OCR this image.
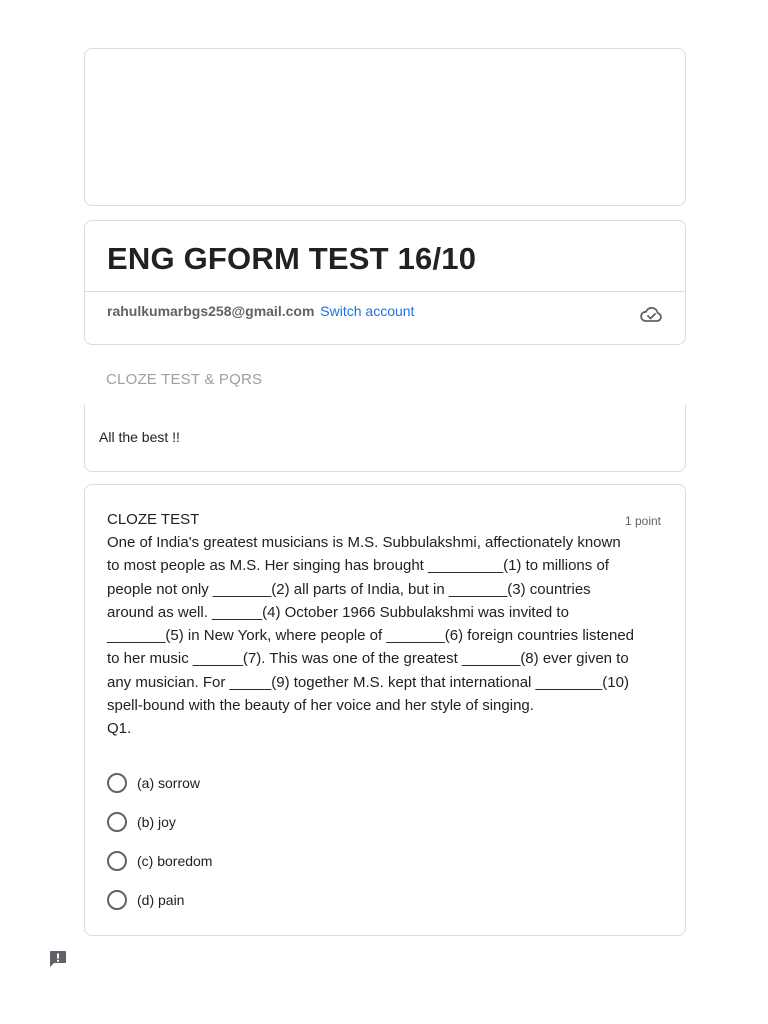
ENG GFORM TEST 16/10
rahulkumarbgs258@gmail.com Switch account
CLOZE TEST & PQRS
All the best !!
CLOZE TEST	1 point
One of India's greatest musicians is M.S. Subbulakshmi, affectionately known to most people as M.S. Her singing has brought _________(1) to millions of people not only _______(2) all parts of India, but in _______(3) countries around as well. ______(4) October 1966 Subbulakshmi was invited to _______(5) in New York, where people of _______(6) foreign countries listened to her music ______(7). This was one of the greatest _______(8) ever given to any musician. For _____(9) together M.S. kept that international ________(10) spell-bound with the beauty of her voice and her style of singing.
Q1.
(a) sorrow
(b) joy
(c) boredom
(d) pain
